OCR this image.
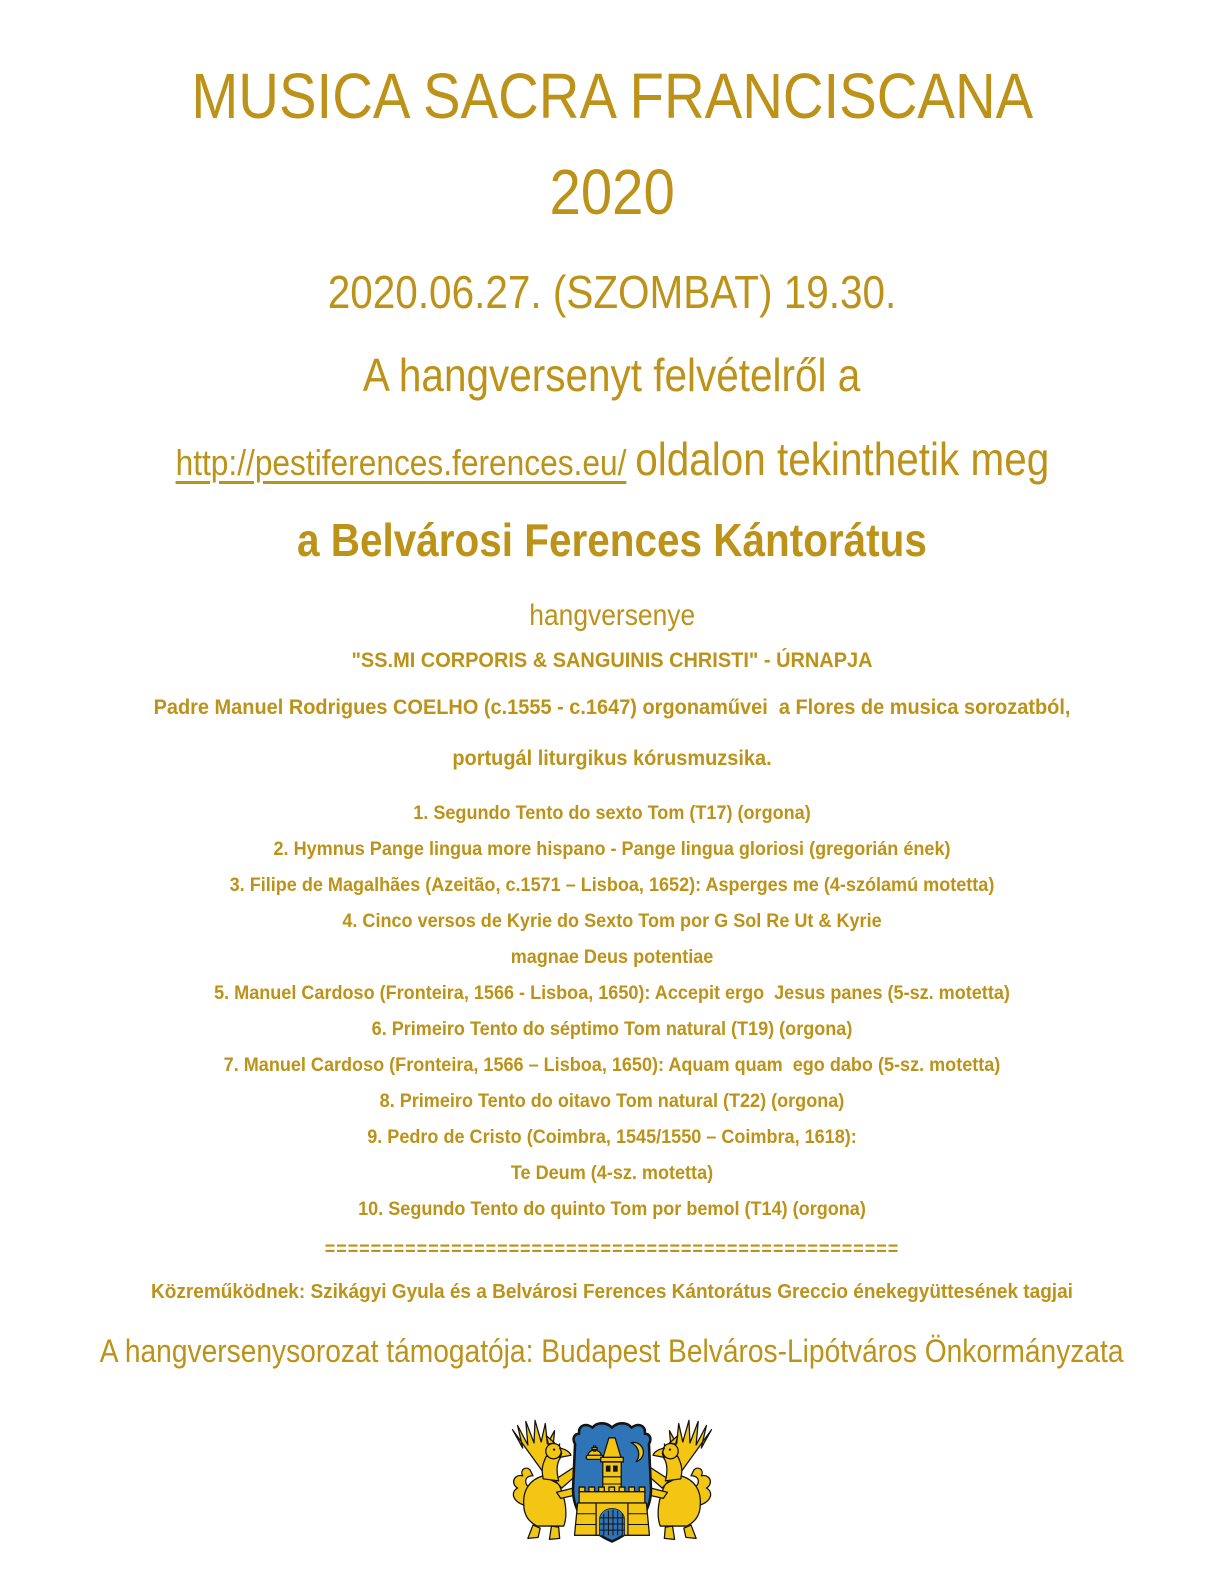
MUSICA SACRA FRANCISCANA
2020
2020.06.27. (SZOMBAT) 19.30.
A hangversenyt felvételről a
http://pestiferences.ferences.eu/ oldalon tekinthetik meg
a Belvárosi Ferences Kántorátus
hangversenye
"SS.MI CORPORIS & SANGUINIS CHRISTI" - ÚRNAPJA
Padre Manuel Rodrigues COELHO (c.1555 - c.1647) orgonaművei  a Flores de musica sorozatból,
portugál liturgikus kórusmuzsika.
1. Segundo Tento do sexto Tom (T17) (orgona)
2. Hymnus Pange lingua more hispano - Pange lingua gloriosi (gregorián ének)
3. Filipe de Magalhães (Azeitão, c.1571 – Lisboa, 1652): Asperges me (4-szólamú motetta)
4. Cinco versos de Kyrie do Sexto Tom por G Sol Re Ut & Kyrie
magnae Deus potentiae
5. Manuel Cardoso (Fronteira, 1566 - Lisboa, 1650): Accepit ergo  Jesus panes (5-sz. motetta)
6. Primeiro Tento do séptimo Tom natural (T19) (orgona)
7. Manuel Cardoso (Fronteira, 1566 – Lisboa, 1650): Aquam quam  ego dabo (5-sz. motetta)
8. Primeiro Tento do oitavo Tom natural (T22) (orgona)
9. Pedro de Cristo (Coimbra, 1545/1550 – Coimbra, 1618):
Te Deum (4-sz. motetta)
10. Segundo Tento do quinto Tom por bemol (T14) (orgona)
==================================================
Közreműködnek: Szikágyi Gyula és a Belvárosi Ferences Kántorátus Greccio énekegyüttesének tagjai
A hangversenysorozat támogatója: Budapest Belváros-Lipótváros Önkormányzata
